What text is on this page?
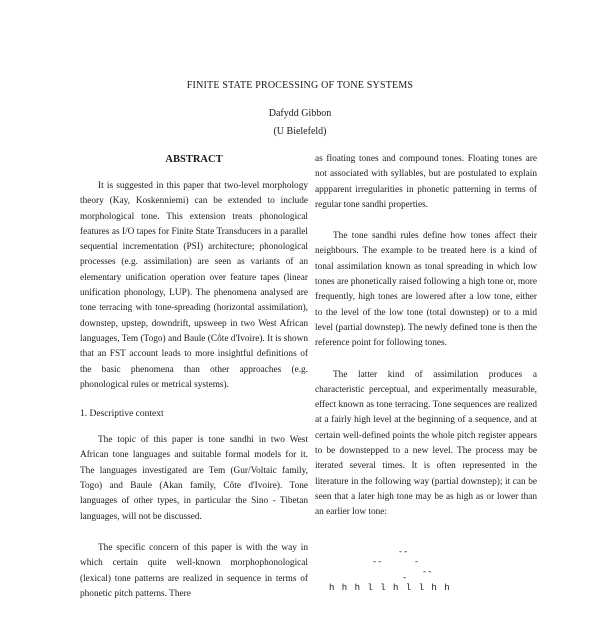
FINITE STATE PROCESSING OF TONE SYSTEMS
Dafydd Gibbon
(U Bielefeld)
ABSTRACT

It is suggested in this paper that two-level morphology theory (Kay, Koskenniemi) can be extended to include morphological tone. This extension treats phonological features as I/O tapes for Finite State Transducers in a parallel sequential incrementation (PSI) architecture; phonological processes (e.g. assimilation) are seen as variants of an elementary unification operation over feature tapes (linear unification phonology, LUP). The phenomena analysed are tone terracing with tone-spreading (horizontal assimilation), downstep, upstep, downdrift, upsweep in two West African languages, Tem (Togo) and Baule (Côte d'Ivoire). It is shown that an FST account leads to more insightful definitions of the basic phenomena than other approaches (e.g. phonological rules or metrical systems).

1. Descriptive context

The topic of this paper is tone sandhi in two West African tone languages and suitable formal models for it. The languages investigated are Tem (Gur/Voltaic family, Togo) and Baule (Akan family, Côte d'Ivoire). Tone languages of other types, in particular the Sino - Tibetan languages, will not be discussed.

The specific concern of this paper is with the way in which certain quite well-known morphophonological (lexical) tone patterns are realized in sequence in terms of phonetic pitch patterns. There

as floating tones and compound tones. Floating tones are not associated with syllables, but are postulated to explain appparent irregularities in phonetic patterning in terms of regular tone sandhi properties.

The tone sandhi rules define how tones affect their neighbours. The example to be treated here is a kind of tonal assimilation known as tonal spreading in which low tones are phonetically raised following a high tone or, more frequently, high tones are lowered after a low tone, either to the level of the low tone (total downstep) or to a mid level (partial downstep). The newly defined tone is then the reference point for following tones.

The latter kind of assimilation produces a characteristic perceptual, and experimentally measurable, effect known as tone terracing. Tone sequences are realized at a fairly high level at the beginning of a sequence, and at certain well-defined points the whole pitch register appears to be downstepped to a new level. The process may be iterated several times. It is often represented in the literature in the following way (partial downstep); it can be seen that a later high tone may be as high as or lower than an earlier low tone:

- -
- -	-
- -
-
h h h l l h l l h h
